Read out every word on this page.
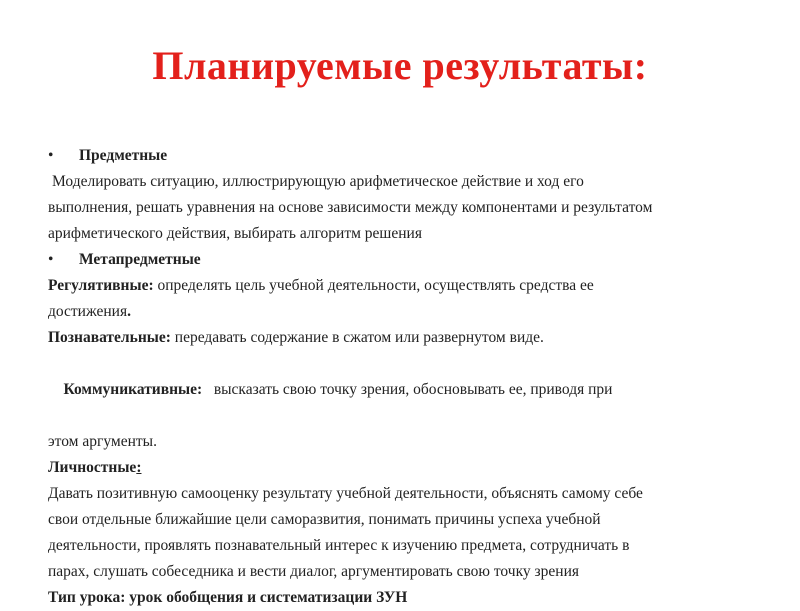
Планируемые результаты:
• Предметные
Моделировать ситуацию, иллюстрирующую арифметическое действие и ход его
выполнения, решать уравнения на основе зависимости между компонентами и результатом
арифметического действия, выбирать алгоритм решения
• Метапредметные
Регулятивные: определять цель учебной деятельности, осуществлять средства ее
достижения.
Познавательные: передавать содержание в сжатом или развернутом виде.

Коммуникативные:   высказать свою точку зрения, обосновывать ее, приводя при

этом аргументы.
Личностные:
Давать позитивную самооценку результату учебной деятельности, объяснять самому себе
свои отдельные ближайшие цели саморазвития, понимать причины успеха учебной
деятельности, проявлять познавательный интерес к изучению предмета, сотрудничать в
парах, слушать собеседника и вести диалог, аргументировать свою точку зрения
Тип урока: урок обобщения и систематизации ЗУН
